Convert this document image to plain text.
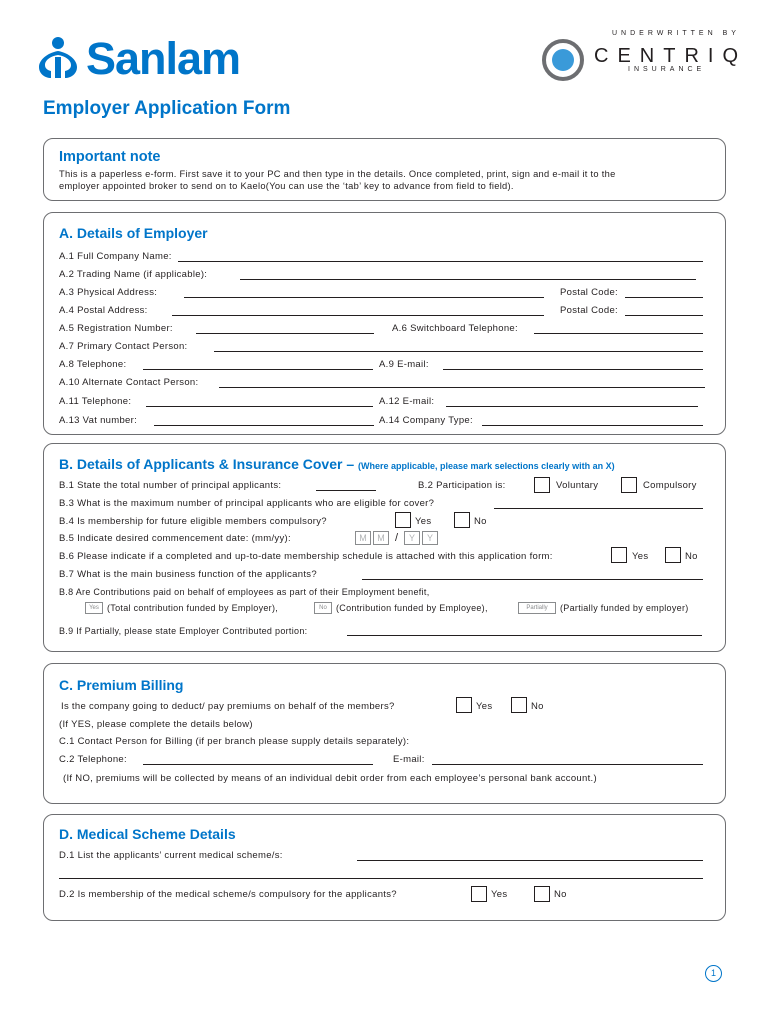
Sanlam	UNDERWRITTEN BY
CENTRIQ
INSURANCE
Employer Application Form
Important note
This is a paperless e-form. First save it to your PC and then type in the details. Once completed, print, sign and e-mail it to the
employer appointed broker to send on to Kaelo(You can use the ‘tab’ key to advance from field to field).
A. Details of Employer
A.1 Full Company Name:
A.2 Trading Name (if applicable):
A.3 Physical Address:	Postal Code:
A.4 Postal Address:	Postal Code:
A.5 Registration Number:	A.6 Switchboard Telephone:
A.7 Primary Contact Person:
A.8 Telephone:	A.9 E-mail:
A.10 Alternate Contact Person:
A.11 Telephone:	A.12 E-mail:
A.13 Vat number:	A.14 Company Type:
B. Details of Applicants & Insurance Cover – (Where applicable, please mark selections clearly with an X)
B.1 State the total number of principal applicants:	B.2 Participation is:	Voluntary	Compulsory
B.3 What is the maximum number of principal applicants who are eligible for cover?
B.4 Is membership for future eligible members compulsory?	Yes	No
B.5 Indicate desired commencement date: (mm/yy):	M	M /	Y	Y
B.6 Please indicate if a completed and up-to-date membership schedule is attached with this application form:	Yes	No
B.7 What is the main business function of the applicants?
B.8 Are Contributions paid on behalf of employees as part of their Employment benefit,
Yes (Total contribution funded by Employer),	No	(Contribution funded by Employee),	Partially	(Partially funded by employer)
B.9 If Partially, please state Employer Contributed portion:
C. Premium Billing
Is the company going to deduct/ pay premiums on behalf of the members?	Yes	No
(If YES, please complete the details below)
C.1 Contact Person for Billing (if per branch please supply details separately):
C.2 Telephone:	E-mail:
(If NO, premiums will be collected by means of an individual debit order from each employee’s personal bank account.)
D. Medical Scheme Details
D.1 List the applicants’ current medical scheme/s:
D.2 Is membership of the medical scheme/s compulsory for the applicants?	Yes	No
1
